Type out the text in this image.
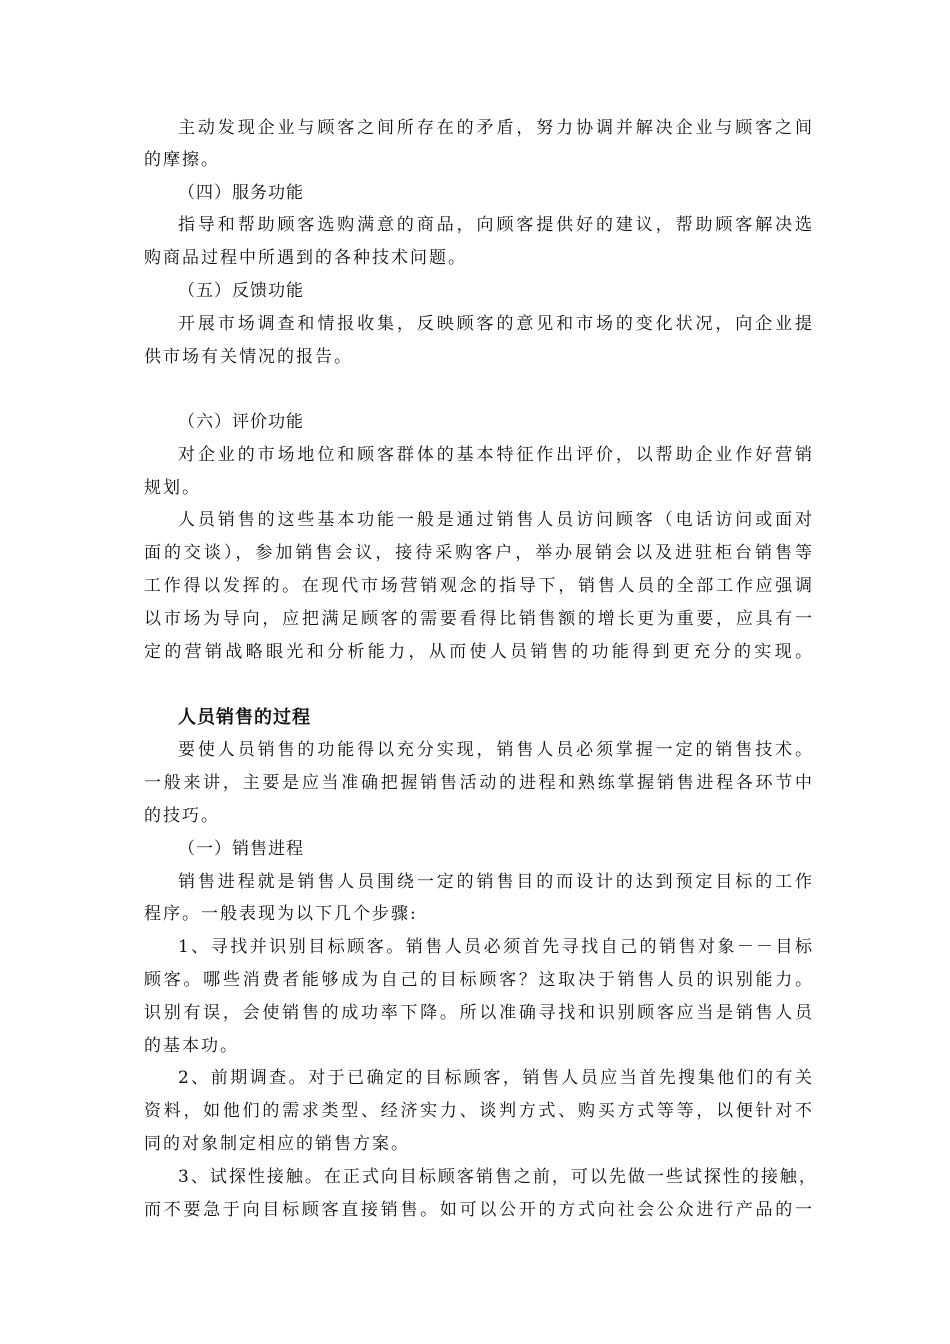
主动发现企业与顾客之间所存在的矛盾，努力协调并解决企业与顾客之间
的摩擦。
（四）服务功能
指导和帮助顾客选购满意的商品，向顾客提供好的建议，帮助顾客解决选
购商品过程中所遇到的各种技术问题。
（五）反馈功能
开展市场调查和情报收集，反映顾客的意见和市场的变化状况，向企业提
供市场有关情况的报告。
（六）评价功能
对企业的市场地位和顾客群体的基本特征作出评价，以帮助企业作好营销
规划。
人员销售的这些基本功能一般是通过销售人员访问顾客（电话访问或面对
面的交谈），参加销售会议，接待采购客户，举办展销会以及进驻柜台销售等
工作得以发挥的。在现代市场营销观念的指导下，销售人员的全部工作应强调
以市场为导向，应把满足顾客的需要看得比销售额的增长更为重要，应具有一
定的营销战略眼光和分析能力，从而使人员销售的功能得到更充分的实现。
人员销售的过程
要使人员销售的功能得以充分实现，销售人员必须掌握一定的销售技术。
一般来讲，主要是应当准确把握销售活动的进程和熟练掌握销售进程各环节中
的技巧。
（一）销售进程
销售进程就是销售人员围绕一定的销售目的而设计的达到预定目标的工作
程序。一般表现为以下几个步骤:
1、寻找并识别目标顾客。销售人员必须首先寻找自己的销售对象－－目标
顾客。哪些消费者能够成为自己的目标顾客？这取决于销售人员的识别能力。
识别有误，会使销售的成功率下降。所以准确寻找和识别顾客应当是销售人员
的基本功。
2、前期调查。对于已确定的目标顾客，销售人员应当首先搜集他们的有关
资料，如他们的需求类型、经济实力、谈判方式、购买方式等等，以便针对不
同的对象制定相应的销售方案。
3、试探性接触。在正式向目标顾客销售之前，可以先做一些试探性的接触，
而不要急于向目标顾客直接销售。如可以公开的方式向社会公众进行产品的一
